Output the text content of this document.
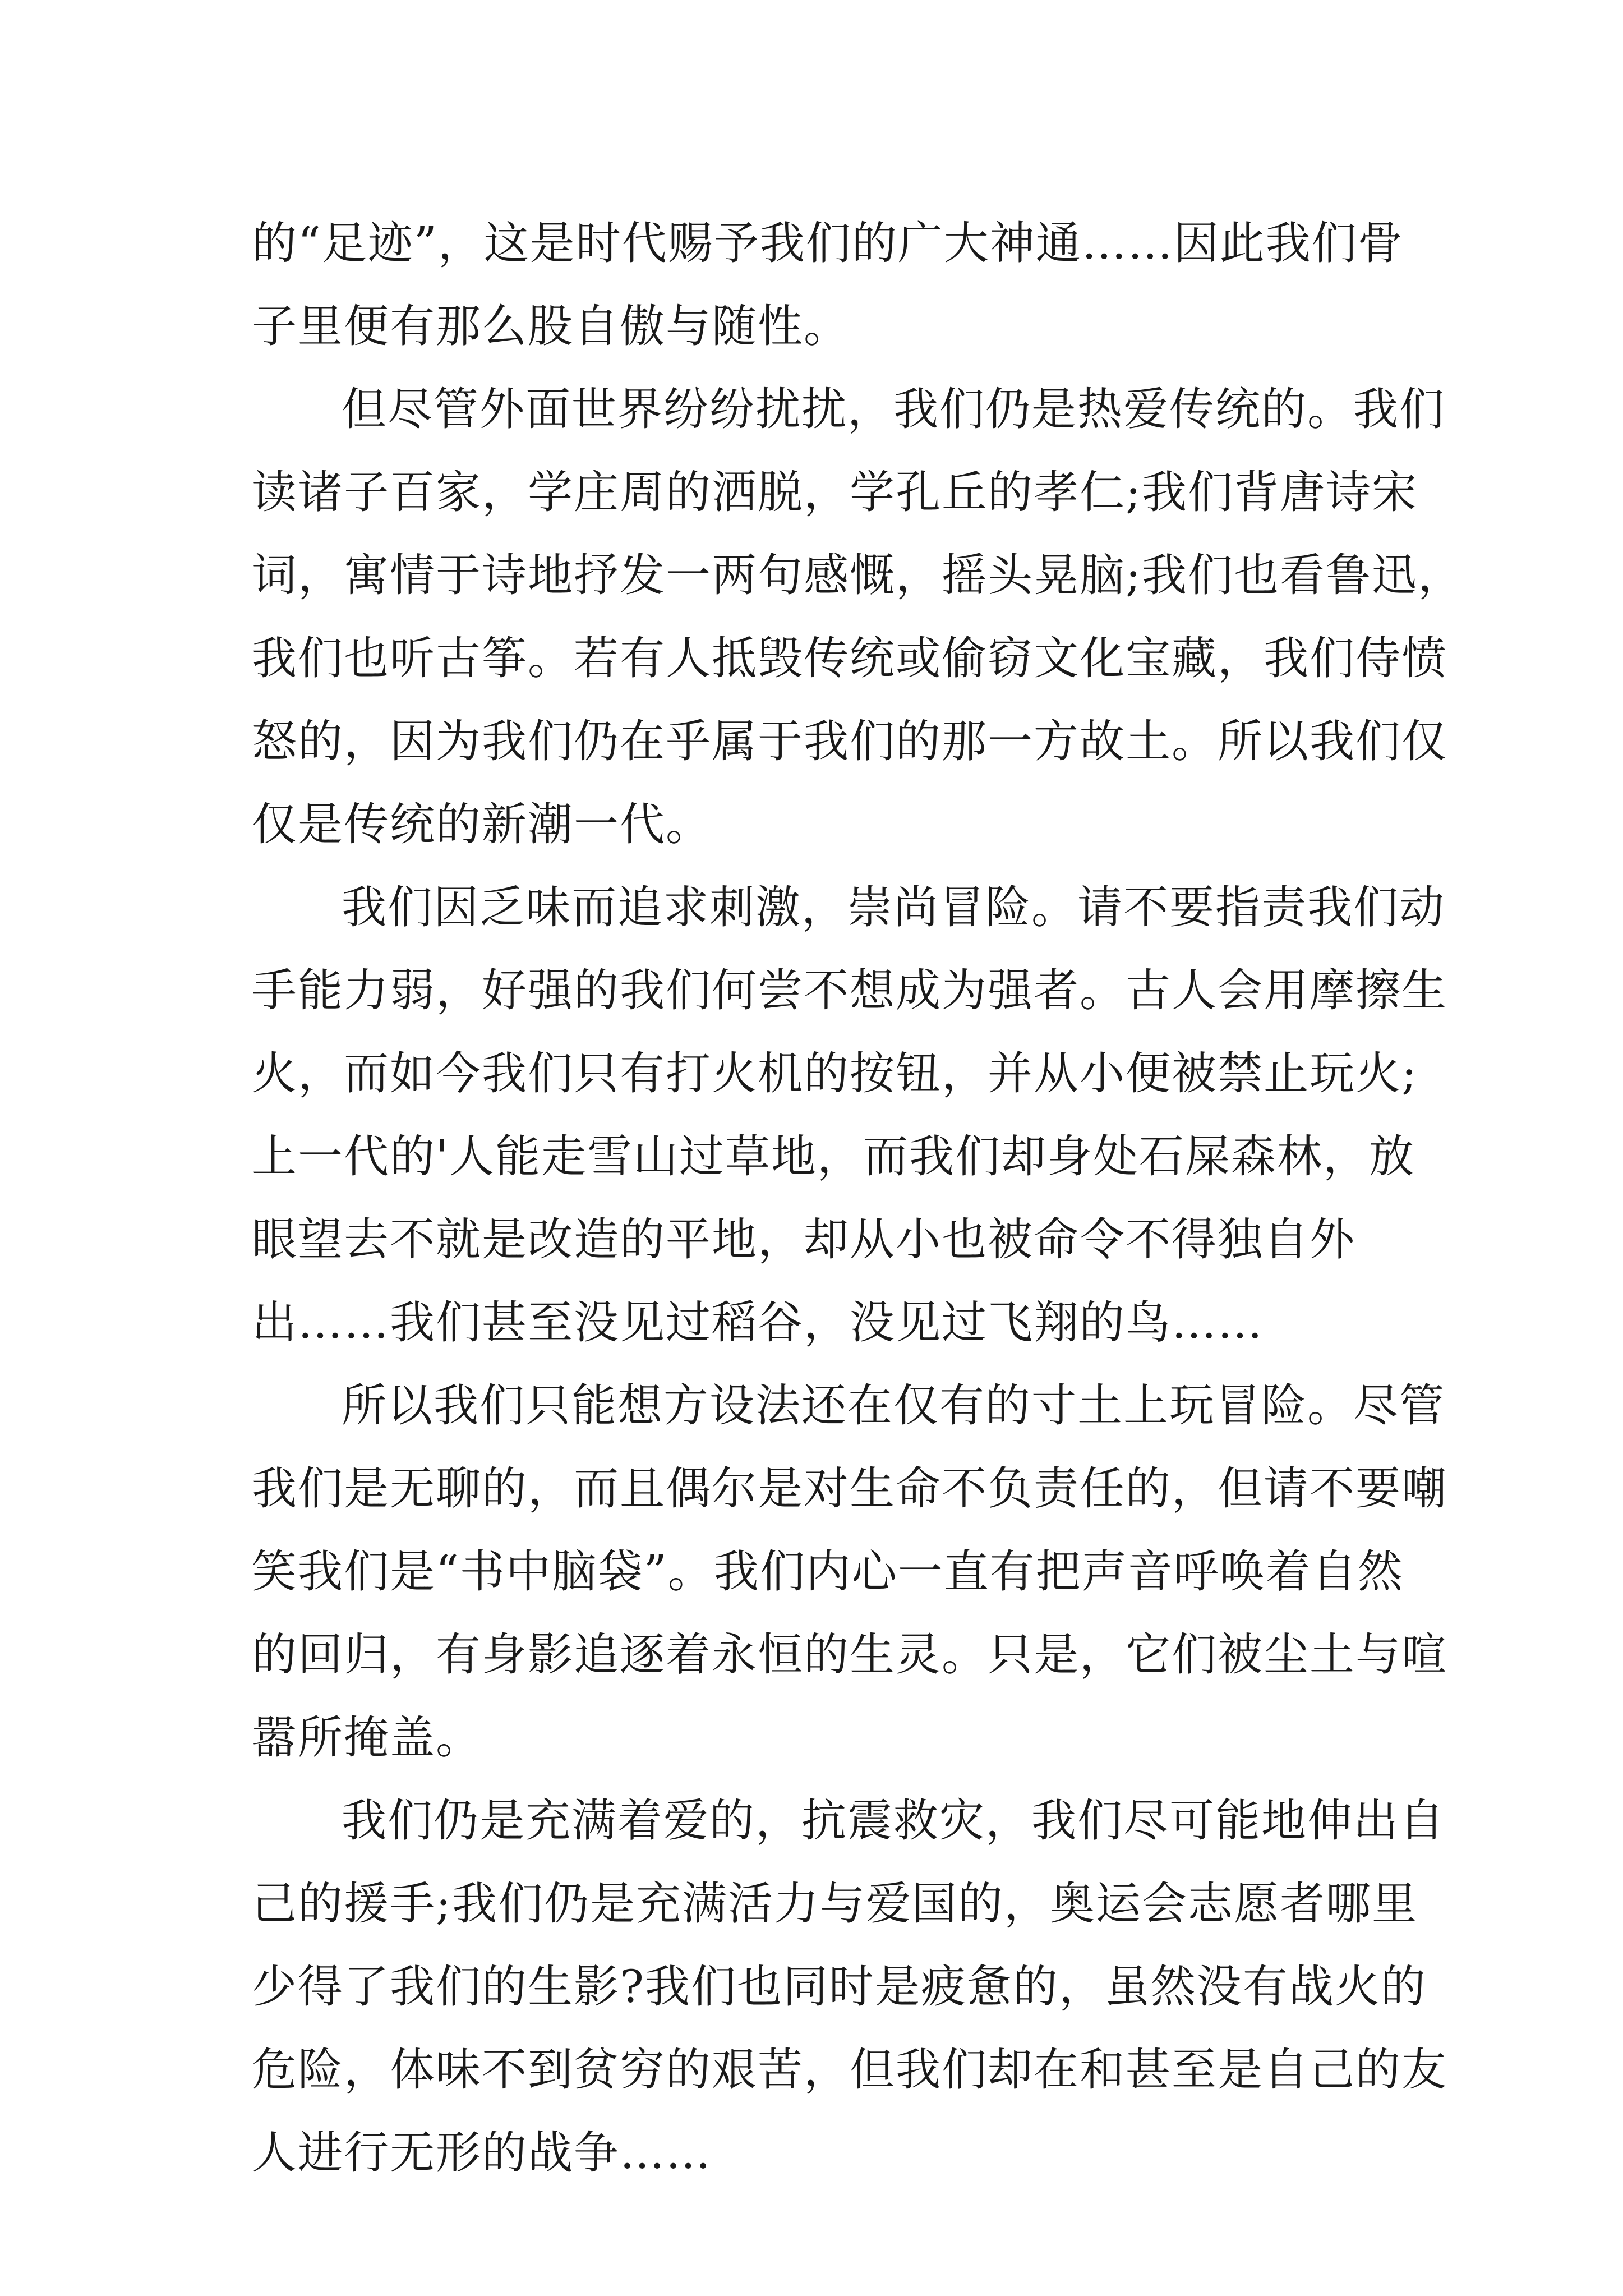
的“足迹”，这是时代赐予我们的广大神通……因此我们骨
子里便有那么股自傲与随性。

但尽管外面世界纷纷扰扰，我们仍是热爱传统的。我们
读诸子百家，学庄周的洒脱，学孔丘的孝仁;我们背唐诗宋
词，寓情于诗地抒发一两句感慨，摇头晃脑;我们也看鲁迅，
我们也听古筝。若有人抵毁传统或偷窃文化宝藏，我们侍愤
怒的，因为我们仍在乎属于我们的那一方故土。所以我们仅
仅是传统的新潮一代。

我们因乏味而追求刺激，崇尚冒险。请不要指责我们动
手能力弱，好强的我们何尝不想成为强者。古人会用摩擦生
火，而如今我们只有打火机的按钮，并从小便被禁止玩火;
上一代的'人能走雪山过草地，而我们却身处石屎森林，放
眼望去不就是改造的平地，却从小也被命令不得独自外
出……我们甚至没见过稻谷，没见过飞翔的鸟……

所以我们只能想方设法还在仅有的寸土上玩冒险。尽管
我们是无聊的，而且偶尔是对生命不负责任的，但请不要嘲
笑我们是“书中脑袋”。我们内心一直有把声音呼唤着自然
的回归，有身影追逐着永恒的生灵。只是，它们被尘土与喧
嚣所掩盖。

我们仍是充满着爱的，抗震救灾，我们尽可能地伸出自
己的援手;我们仍是充满活力与爱国的，奥运会志愿者哪里
少得了我们的生影?我们也同时是疲惫的，虽然没有战火的
危险，体味不到贫穷的艰苦，但我们却在和甚至是自己的友
人进行无形的战争……
